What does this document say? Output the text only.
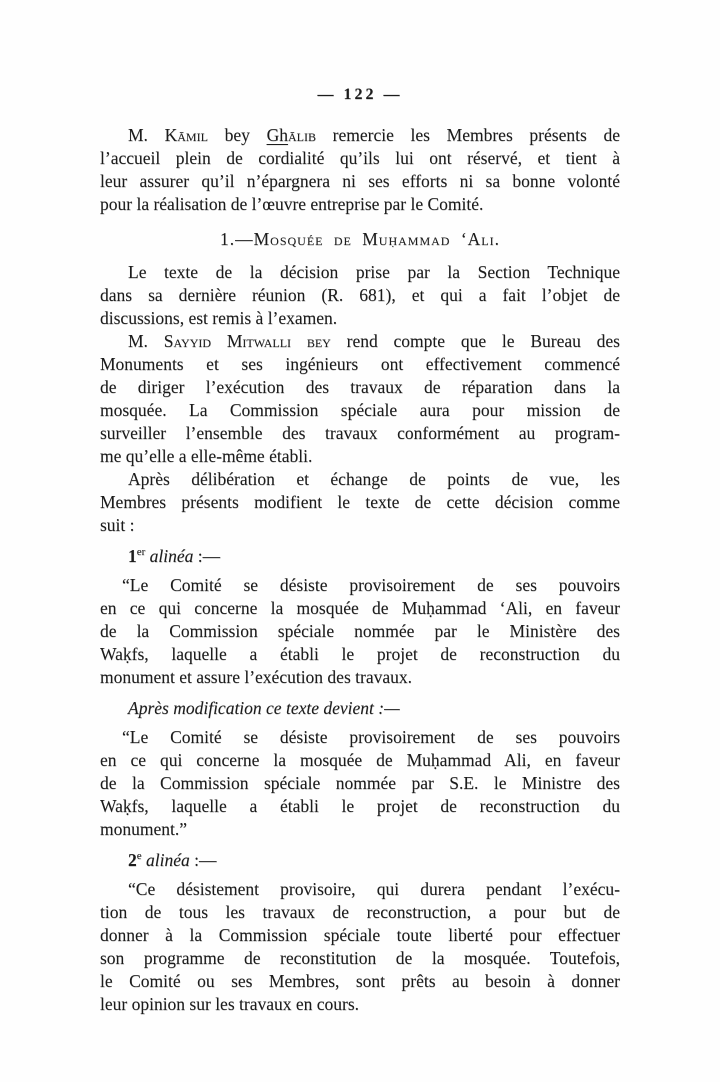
— 122 —
M. Kāmil bey Ghālib remercie les Membres présents de
l’accueil plein de cordialité qu’ils lui ont réservé, et tient à
leur assurer qu’il n’épargnera ni ses efforts ni sa bonne volonté
pour la réalisation de l’œuvre entreprise par le Comité.
1.—Mosquée de Muḥammad ʻAli.
Le texte de la décision prise par la Section Technique
dans sa dernière réunion (R. 681), et qui a fait l’objet de
discussions, est remis à l’examen.
M. Sayyid Mitwalli bey rend compte que le Bureau des
Monuments et ses ingénieurs ont effectivement commencé
de diriger l’exécution des travaux de réparation dans la
mosquée. La Commission spéciale aura pour mission de
surveiller l’ensemble des travaux conformément au program-
me qu’elle a elle-même établi.
Après délibération et échange de points de vue, les
Membres présents modifient le texte de cette décision comme
suit :
1er alinéa :—
“Le Comité se désiste provisoirement de ses pouvoirs
en ce qui concerne la mosquée de Muḥammad ʻAli, en faveur
de la Commission spéciale nommée par le Ministère des
Waḳfs, laquelle a établi le projet de reconstruction du
monument et assure l’exécution des travaux.
Après modification ce texte devient :—
“Le Comité se désiste provisoirement de ses pouvoirs
en ce qui concerne la mosquée de Muḥammad Ali, en faveur
de la Commission spéciale nommée par S.E. le Ministre des
Waḳfs, laquelle a établi le projet de reconstruction du
monument.”
2e alinéa :—
“Ce désistement provisoire, qui durera pendant l’exécu-
tion de tous les travaux de reconstruction, a pour but de
donner à la Commission spéciale toute liberté pour effectuer
son programme de reconstitution de la mosquée. Toutefois,
le Comité ou ses Membres, sont prêts au besoin à donner
leur opinion sur les travaux en cours.
